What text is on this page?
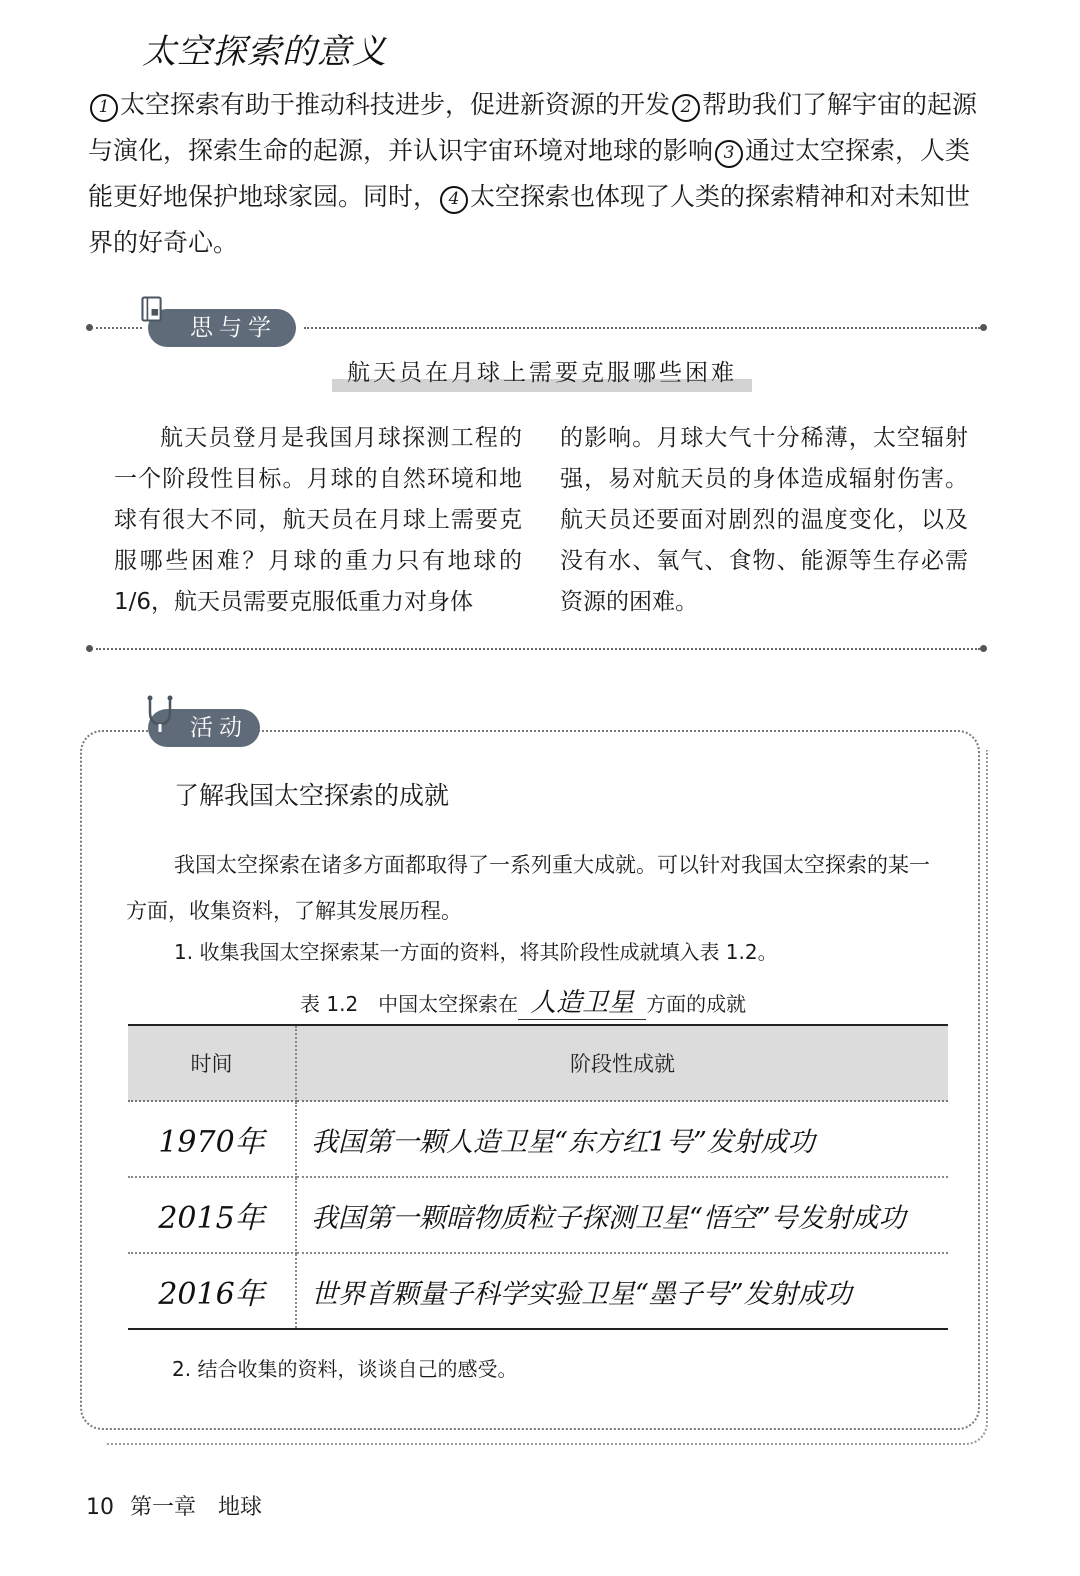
太空探索的意义
1 太空探索有助于推动科技进步，促进新资源的开发 2 帮助我们了解宇宙的起源与演化，探索生命的起源，并认识宇宙环境对地球的影响 3 通过太空探索，人类能更好地保护地球家园。同时， 4 太空探索也体现了人类的探索精神和对未知世界的好奇心。
思与学
航天员在月球上需要克服哪些困难
航天员登月是我国月球探测工程的一个阶段性目标。月球的自然环境和地球有很大不同，航天员在月球上需要克服哪些困难？月球的重力只有地球的1/6，航天员需要克服低重力对身体
的影响。月球大气十分稀薄，太空辐射强，易对航天员的身体造成辐射伤害。航天员还要面对剧烈的温度变化，以及没有水、氧气、食物、能源等生存必需资源的困难。
活动
了解我国太空探索的成就
我国太空探索在诸多方面都取得了一系列重大成就。可以针对我国太空探索的某一方面，收集资料，了解其发展历程。
1. 收集我国太空探索某一方面的资料，将其阶段性成就填入表 1.2。
表 1.2　中国太空探索在 人造卫星 方面的成就
时间	阶段性成就
1970年	我国第一颗人造卫星“东方红1号”发射成功
2015年	我国第一颗暗物质粒子探测卫星“悟空”号发射成功
2016年	世界首颗量子科学实验卫星“墨子号”发射成功
2. 结合收集的资料，谈谈自己的感受。
10 第一章　地球
